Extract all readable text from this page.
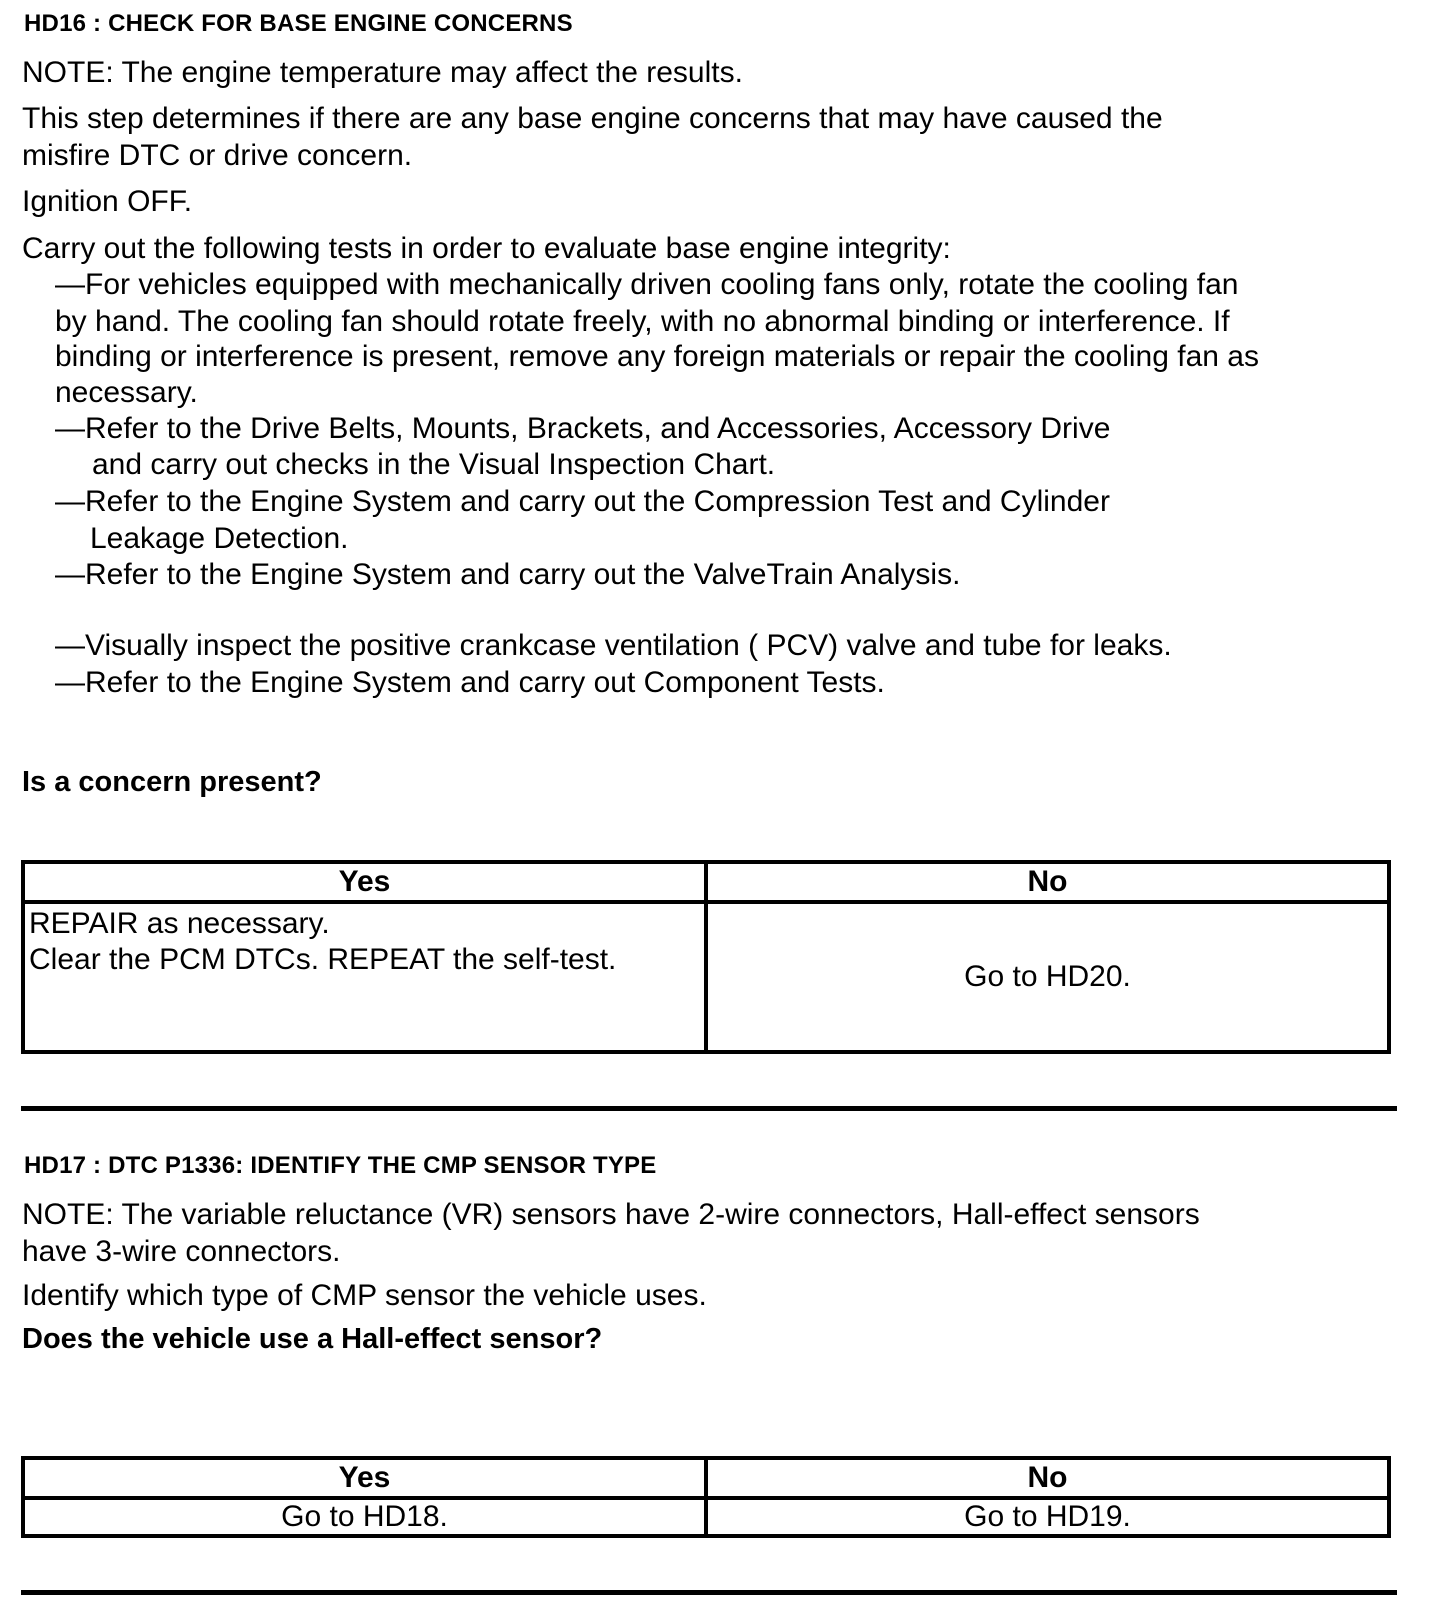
HD16 : CHECK FOR BASE ENGINE CONCERNS
NOTE: The engine temperature may affect the results.
This step determines if there are any base engine concerns that may have caused the
misfire DTC or drive concern.
Ignition OFF.
Carry out the following tests in order to evaluate base engine integrity:
—For vehicles equipped with mechanically driven cooling fans only, rotate the cooling fan
by hand. The cooling fan should rotate freely, with no abnormal binding or interference. If
binding or interference is present, remove any foreign materials or repair the cooling fan as
necessary.
—Refer to the Drive Belts, Mounts, Brackets, and Accessories, Accessory Drive
and carry out checks in the Visual Inspection Chart.
—Refer to the Engine System and carry out the Compression Test and Cylinder
Leakage Detection.
—Refer to the Engine System and carry out the ValveTrain Analysis.
—Visually inspect the positive crankcase ventilation ( PCV) valve and tube for leaks.
—Refer to the Engine System and carry out Component Tests.
Is a concern present?
Yes	No

REPAIR as necessary.
Clear the PCM DTCs. REPEAT the self-test.	Go to HD20.
HD17 : DTC P1336: IDENTIFY THE CMP SENSOR TYPE
NOTE: The variable reluctance (VR) sensors have 2-wire connectors, Hall-effect sensors
have 3-wire connectors.
Identify which type of CMP sensor the vehicle uses.
Does the vehicle use a Hall-effect sensor?
Yes	No
Go to HD18.	Go to HD19.
